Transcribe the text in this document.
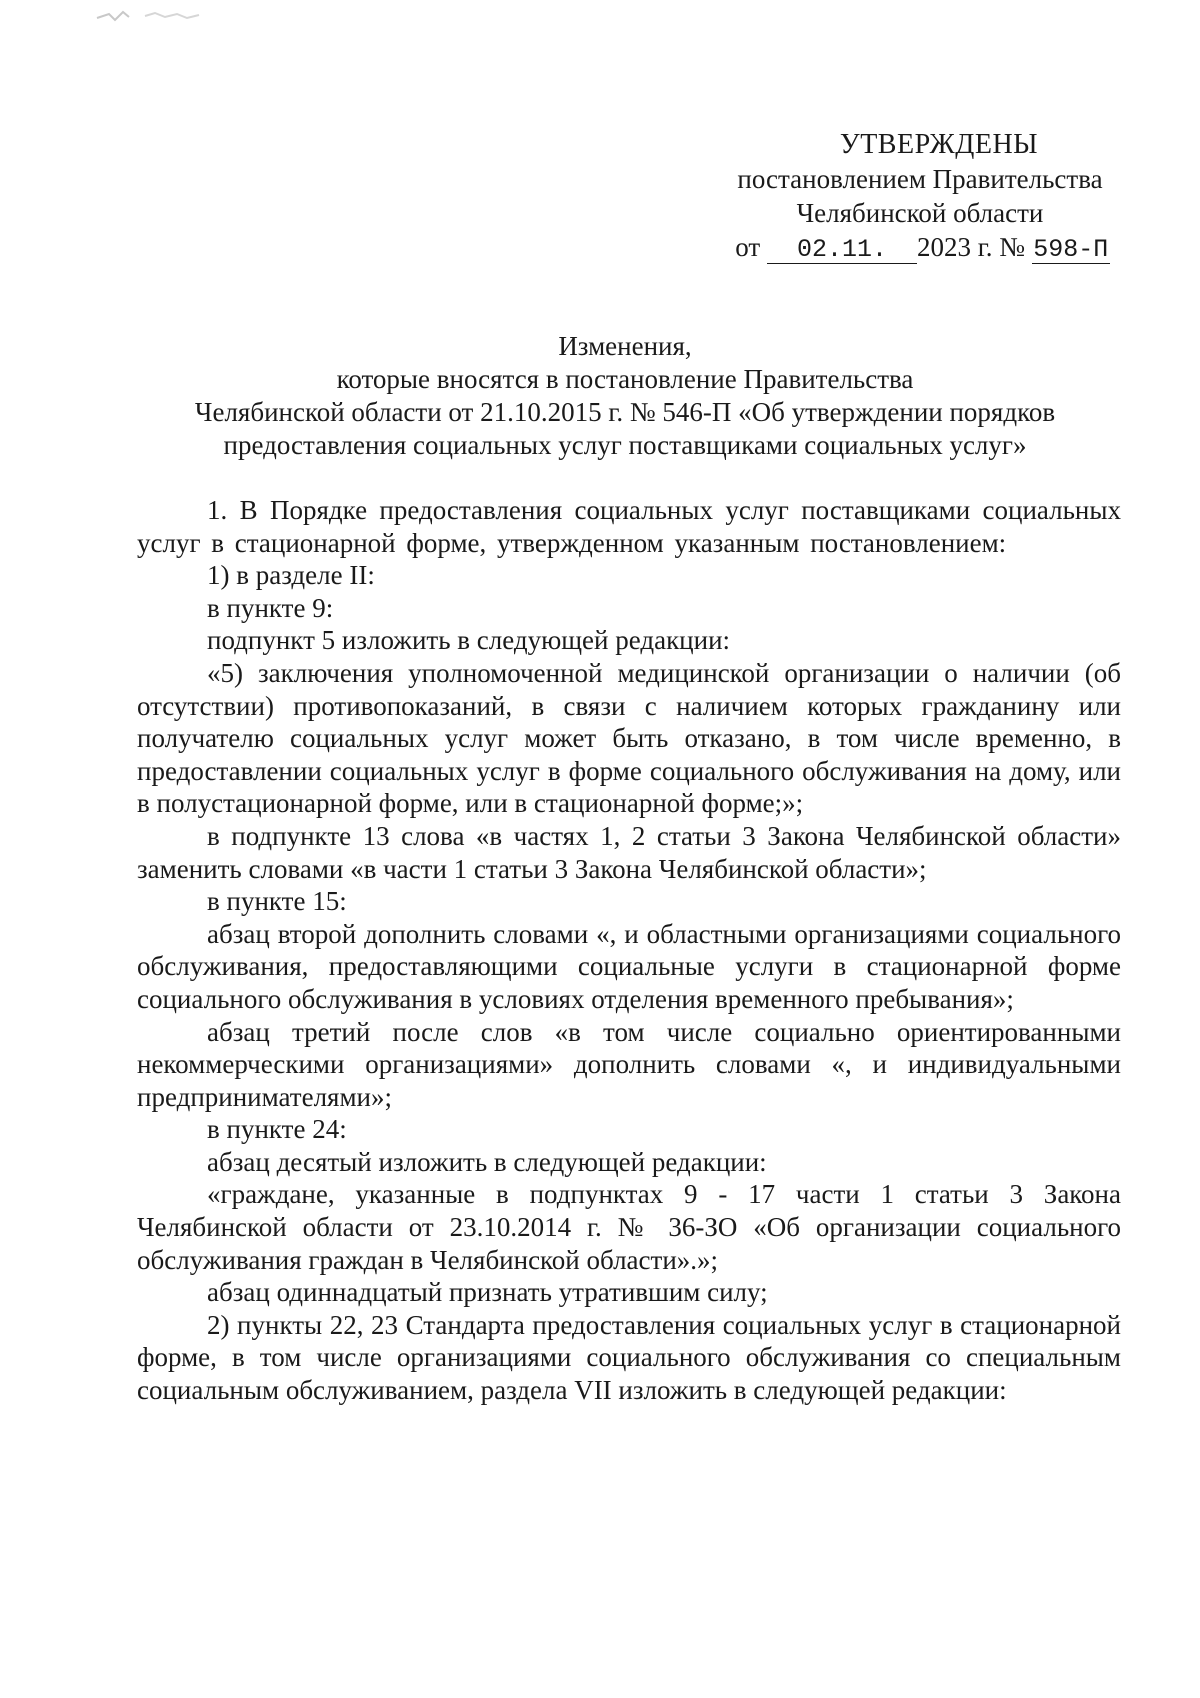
УТВЕРЖДЕНЫ
постановлением Правительства
Челябинской области
от 02.11. 2023 г. № 598-П
Изменения,
которые вносятся в постановление Правительства
Челябинской области от 21.10.2015 г. № 546-П «Об утверждении порядков
предоставления социальных услуг поставщиками социальных услуг»

1. В Порядке предоставления социальных услуг поставщиками социальных услуг в стационарной форме, утвержденном указанным постановлением:

1) в разделе II:

в пункте 9:

подпункт 5 изложить в следующей редакции:

«5) заключения уполномоченной медицинской организации о наличии (об отсутствии) противопоказаний, в связи с наличием которых гражданину или получателю социальных услуг может быть отказано, в том числе временно, в предоставлении социальных услуг в форме социального обслуживания на дому, или в полустационарной форме, или в стационарной форме;»;

в подпункте 13 слова «в частях 1, 2 статьи 3 Закона Челябинской области» заменить словами «в части 1 статьи 3 Закона Челябинской области»;

в пункте 15:

абзац второй дополнить словами «, и областными организациями социального обслуживания, предоставляющими социальные услуги в стационарной форме социального обслуживания в условиях отделения временного пребывания»;

абзац третий после слов «в том числе социально ориентированными некоммерческими организациями» дополнить словами «, и индивидуальными предпринимателями»;

в пункте 24:

абзац десятый изложить в следующей редакции:

«граждане, указанные в подпунктах 9 - 17 части 1 статьи 3 Закона Челябинской области от 23.10.2014 г. № 36-ЗО «Об организации социального обслуживания граждан в Челябинской области».»;

абзац одиннадцатый признать утратившим силу;

2) пункты 22, 23 Стандарта предоставления социальных услуг в стационарной форме, в том числе организациями социального обслуживания со специальным социальным обслуживанием, раздела VII изложить в следующей редакции:
